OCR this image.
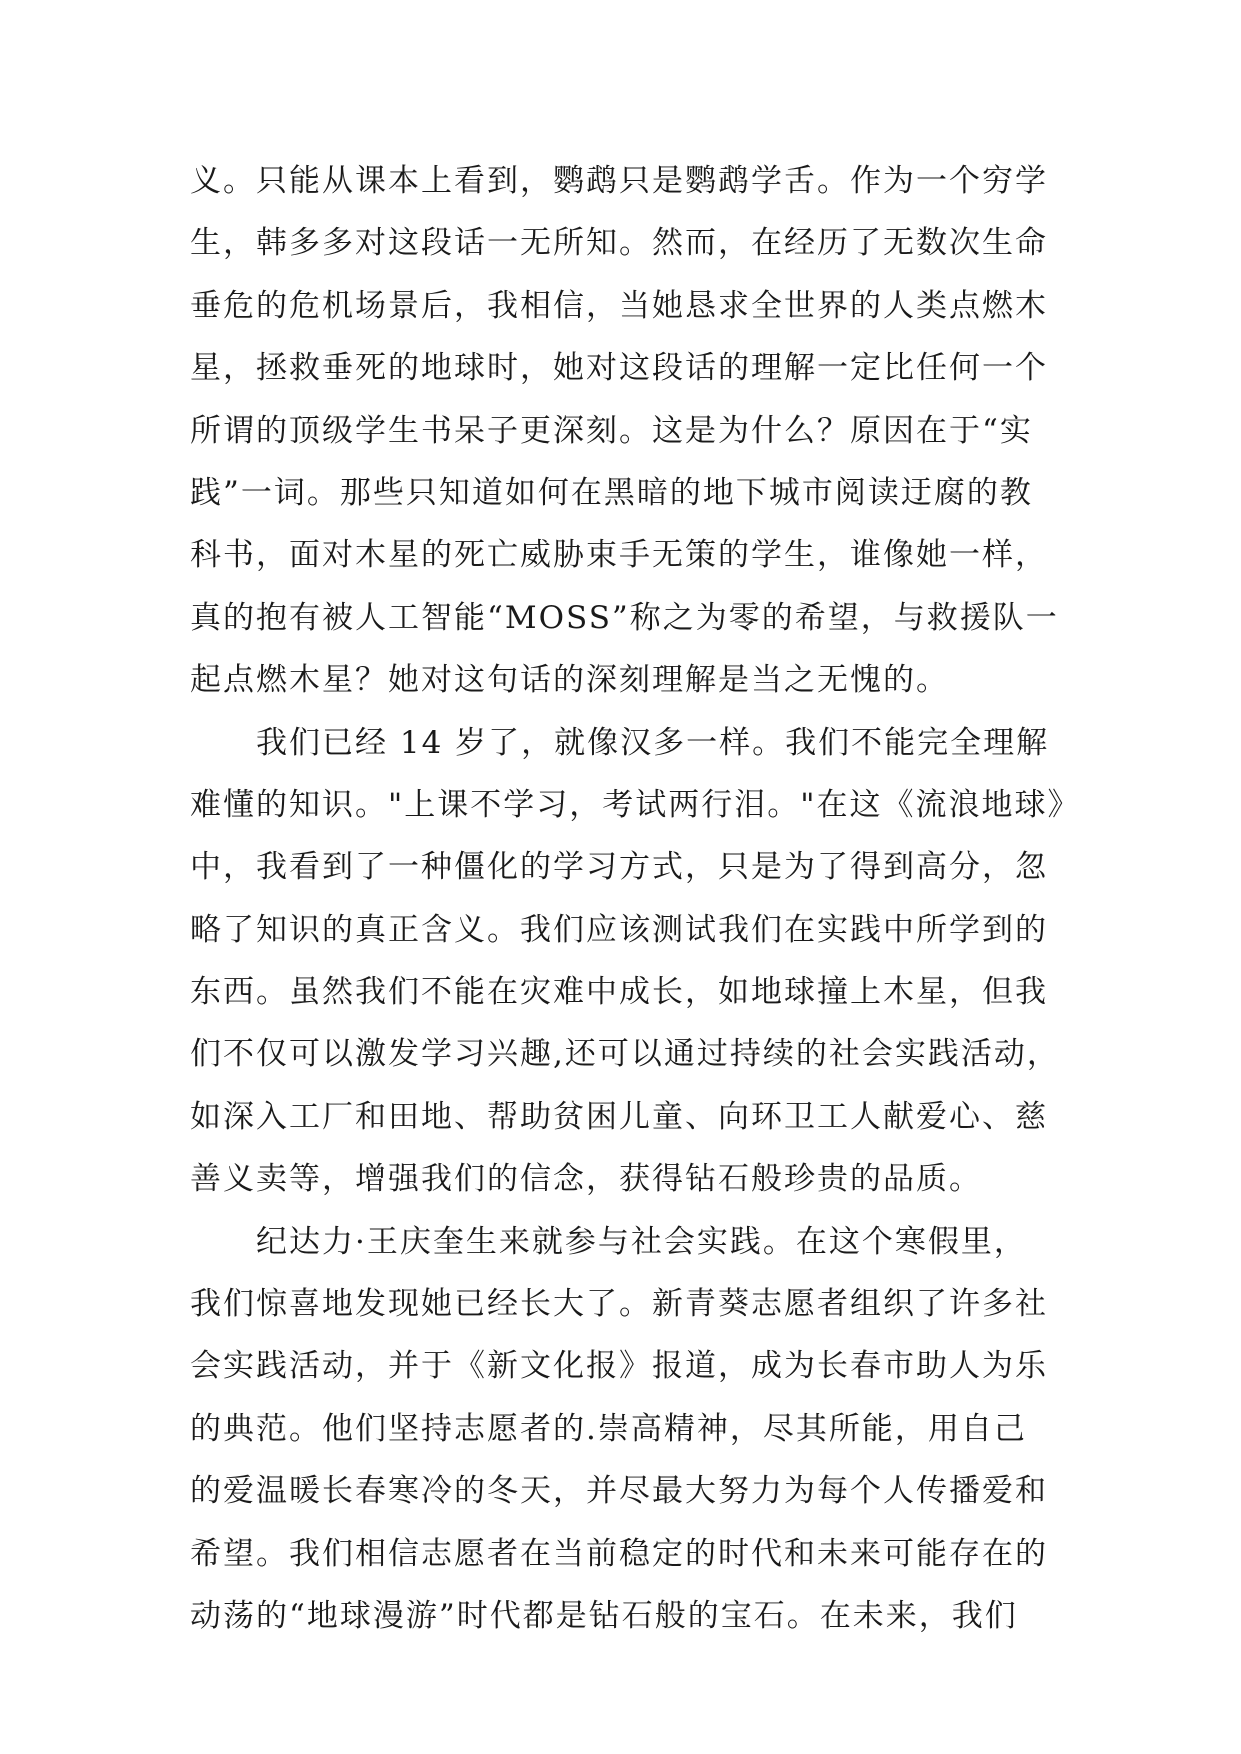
义。只能从课本上看到，鹦鹉只是鹦鹉学舌。作为一个穷学
生，韩多多对这段话一无所知。然而，在经历了无数次生命
垂危的危机场景后，我相信，当她恳求全世界的人类点燃木
星，拯救垂死的地球时，她对这段话的理解一定比任何一个
所谓的顶级学生书呆子更深刻。这是为什么？原因在于“实
践”一词。那些只知道如何在黑暗的地下城市阅读迂腐的教
科书，面对木星的死亡威胁束手无策的学生，谁像她一样，
真的抱有被人工智能“MOSS”称之为零的希望，与救援队一
起点燃木星？她对这句话的深刻理解是当之无愧的。
　　我们已经 14 岁了，就像汉多一样。我们不能完全理解
难懂的知识。"上课不学习，考试两行泪。"在这《流浪地球》
中，我看到了一种僵化的学习方式，只是为了得到高分，忽
略了知识的真正含义。我们应该测试我们在实践中所学到的
东西。虽然我们不能在灾难中成长，如地球撞上木星，但我
们不仅可以激发学习兴趣,还可以通过持续的社会实践活动，
如深入工厂和田地、帮助贫困儿童、向环卫工人献爱心、慈
善义卖等，增强我们的信念，获得钻石般珍贵的品质。
　　纪达力·王庆奎生来就参与社会实践。在这个寒假里，
我们惊喜地发现她已经长大了。新青葵志愿者组织了许多社
会实践活动，并于《新文化报》报道，成为长春市助人为乐
的典范。他们坚持志愿者的.崇高精神，尽其所能，用自己
的爱温暖长春寒冷的冬天，并尽最大努力为每个人传播爱和
希望。我们相信志愿者在当前稳定的时代和未来可能存在的
动荡的“地球漫游”时代都是钻石般的宝石。在未来，我们
